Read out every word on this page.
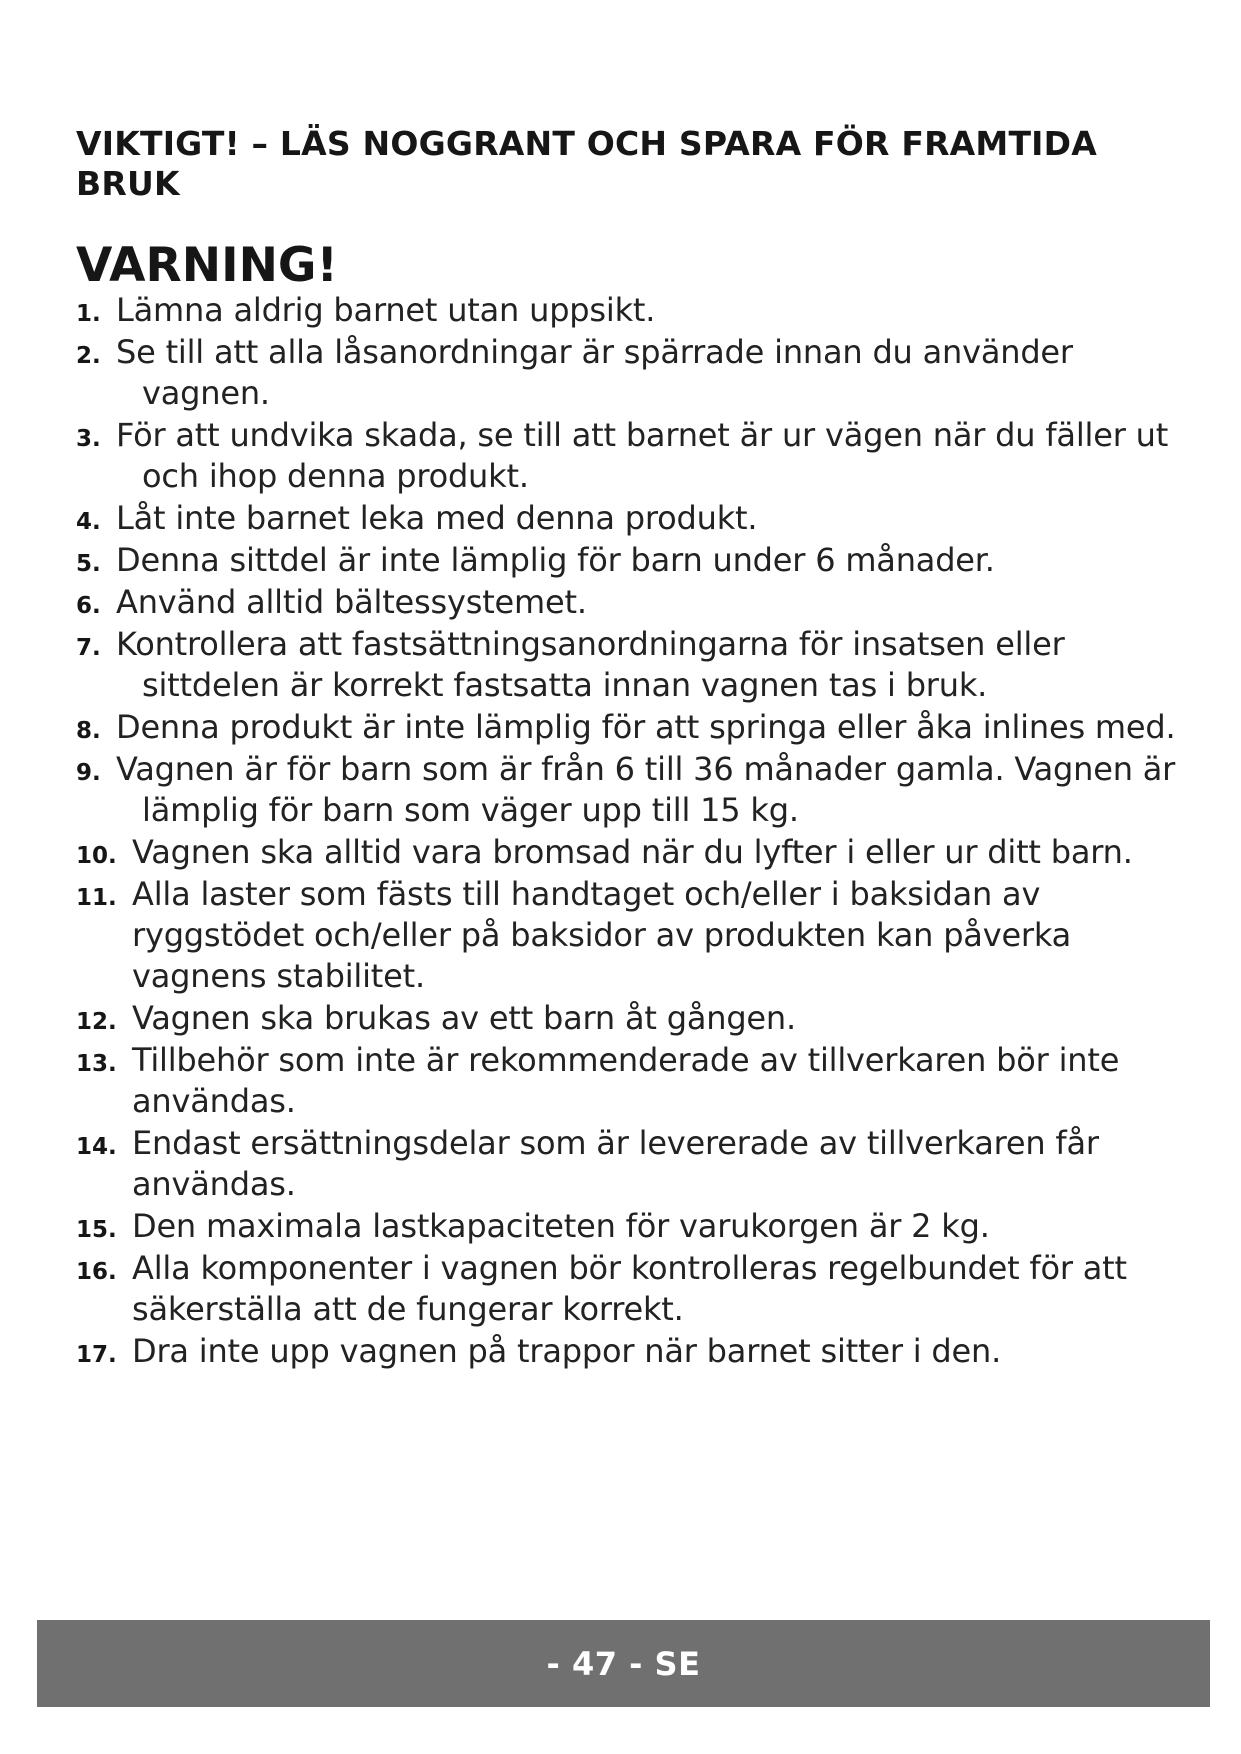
VIKTIGT! – LÄS NOGGRANT OCH SPARA FÖR FRAMTIDA
BRUK
VARNING!
1. Lämna aldrig barnet utan uppsikt.
2. Se till att alla låsanordningar är spärrade innan du använder vagnen.
3. För att undvika skada, se till att barnet är ur vägen när du fäller ut och ihop denna produkt.
4. Låt inte barnet leka med denna produkt.
5. Denna sittdel är inte lämplig för barn under 6 månader.
6. Använd alltid bältessystemet.
7. Kontrollera att fastsättningsanordningarna för insatsen eller sittdelen är korrekt fastsatta innan vagnen tas i bruk.
8. Denna produkt är inte lämplig för att springa eller åka inlines med.
9. Vagnen är för barn som är från 6 till 36 månader gamla. Vagnen är lämplig för barn som väger upp till 15 kg.
10. Vagnen ska alltid vara bromsad när du lyfter i eller ur ditt barn.
11. Alla laster som fästs till handtaget och/eller i baksidan av ryggstödet och/eller på baksidor av produkten kan påverka vagnens stabilitet.
12. Vagnen ska brukas av ett barn åt gången.
13. Tillbehör som inte är rekommenderade av tillverkaren bör inte användas.
14. Endast ersättningsdelar som är levererade av tillverkaren får användas.
15. Den maximala lastkapaciteten för varukorgen är 2 kg.
16. Alla komponenter i vagnen bör kontrolleras regelbundet för att säkerställa att de fungerar korrekt.
17. Dra inte upp vagnen på trappor när barnet sitter i den.
- 47 - SE
